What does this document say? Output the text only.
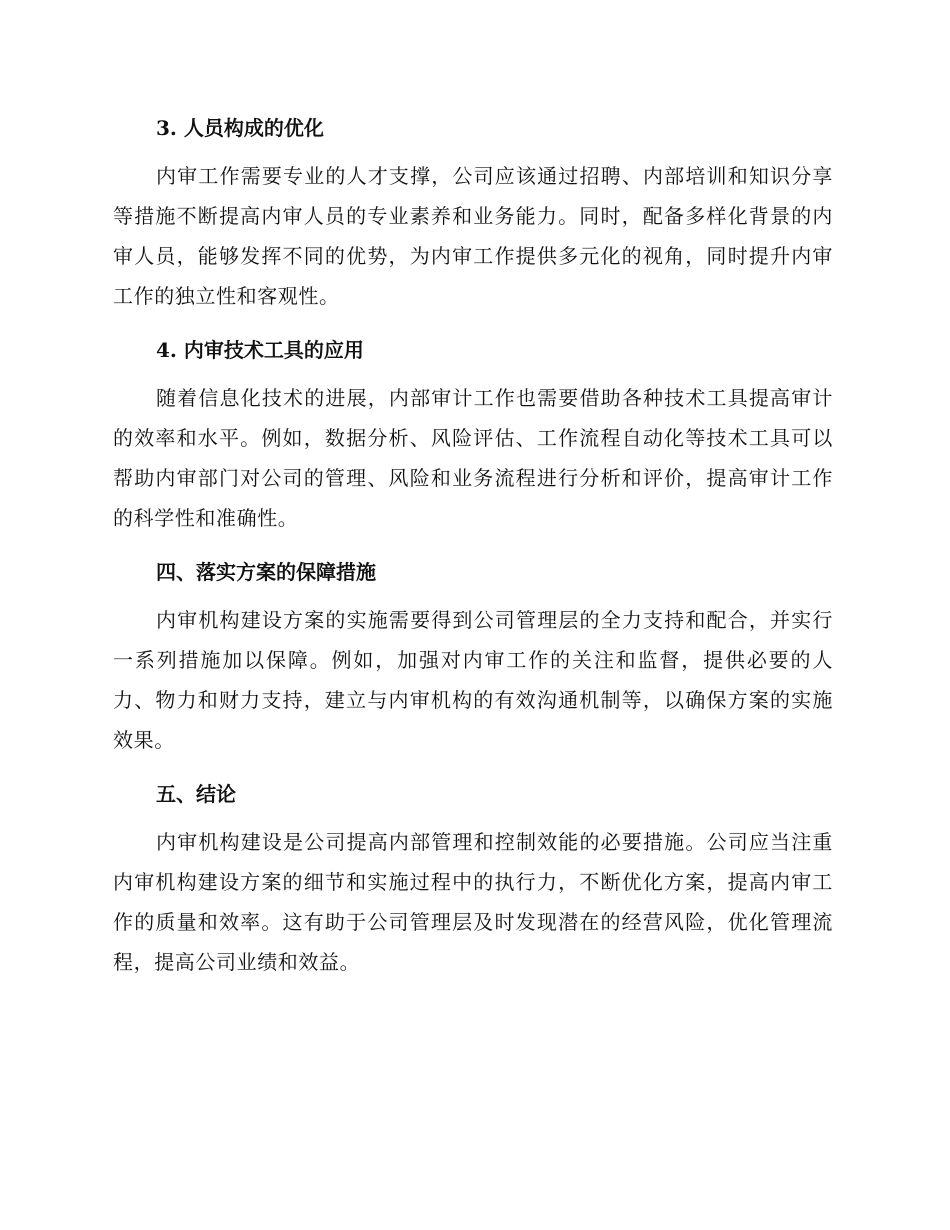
3. 人员构成的优化

内审工作需要专业的人才支撑，公司应该通过招聘、内部培训和知识分享等措施不断提高内审人员的专业素养和业务能力。同时，配备多样化背景的内审人员，能够发挥不同的优势，为内审工作提供多元化的视角，同时提升内审工作的独立性和客观性。

4. 内审技术工具的应用

随着信息化技术的进展，内部审计工作也需要借助各种技术工具提高审计的效率和水平。例如，数据分析、风险评估、工作流程自动化等技术工具可以帮助内审部门对公司的管理、风险和业务流程进行分析和评价，提高审计工作的科学性和准确性。

四、落实方案的保障措施

内审机构建设方案的实施需要得到公司管理层的全力支持和配合，并实行一系列措施加以保障。例如，加强对内审工作的关注和监督，提供必要的人力、物力和财力支持，建立与内审机构的有效沟通机制等，以确保方案的实施效果。

五、结论

内审机构建设是公司提高内部管理和控制效能的必要措施。公司应当注重内审机构建设方案的细节和实施过程中的执行力，不断优化方案，提高内审工作的质量和效率。这有助于公司管理层及时发现潜在的经营风险，优化管理流程，提高公司业绩和效益。
